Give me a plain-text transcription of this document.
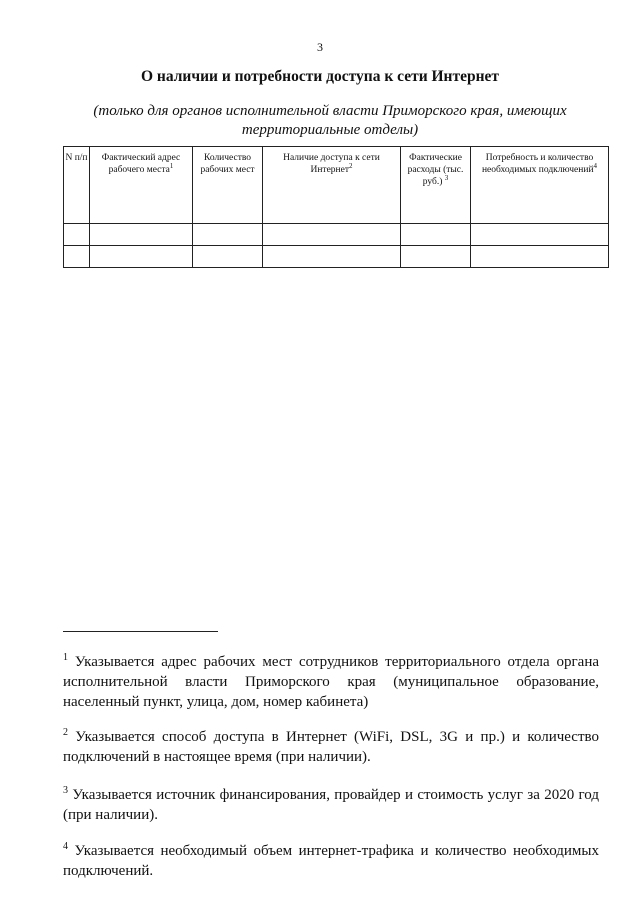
3
О наличии и потребности доступа к сети Интернет
(только для органов исполнительной власти Приморского края, имеющих территориальные отделы)
N п/п	Фактический адрес рабочего места$^1$	Количество рабочих мест	Наличие доступа к сети Интернет$^2$	Фактические расходы (тыс. руб.) $^3$	Потребность и количество необходимых подключений$^4$

$^1$ Указывается адрес рабочих мест сотрудников территориального отдела органа исполнительной власти Приморского края (муниципальное образование, населенный пункт, улица, дом, номер кабинета)
$^2$ Указывается способ доступа в Интернет (WiFi, DSL, 3G и пр.) и количество подключений в настоящее время (при наличии).
$^3$ Указывается источник финансирования, провайдер и стоимость услуг за 2020 год (при наличии).
$^4$ Указывается необходимый объем интернет-трафика и количество необходимых подключений.
